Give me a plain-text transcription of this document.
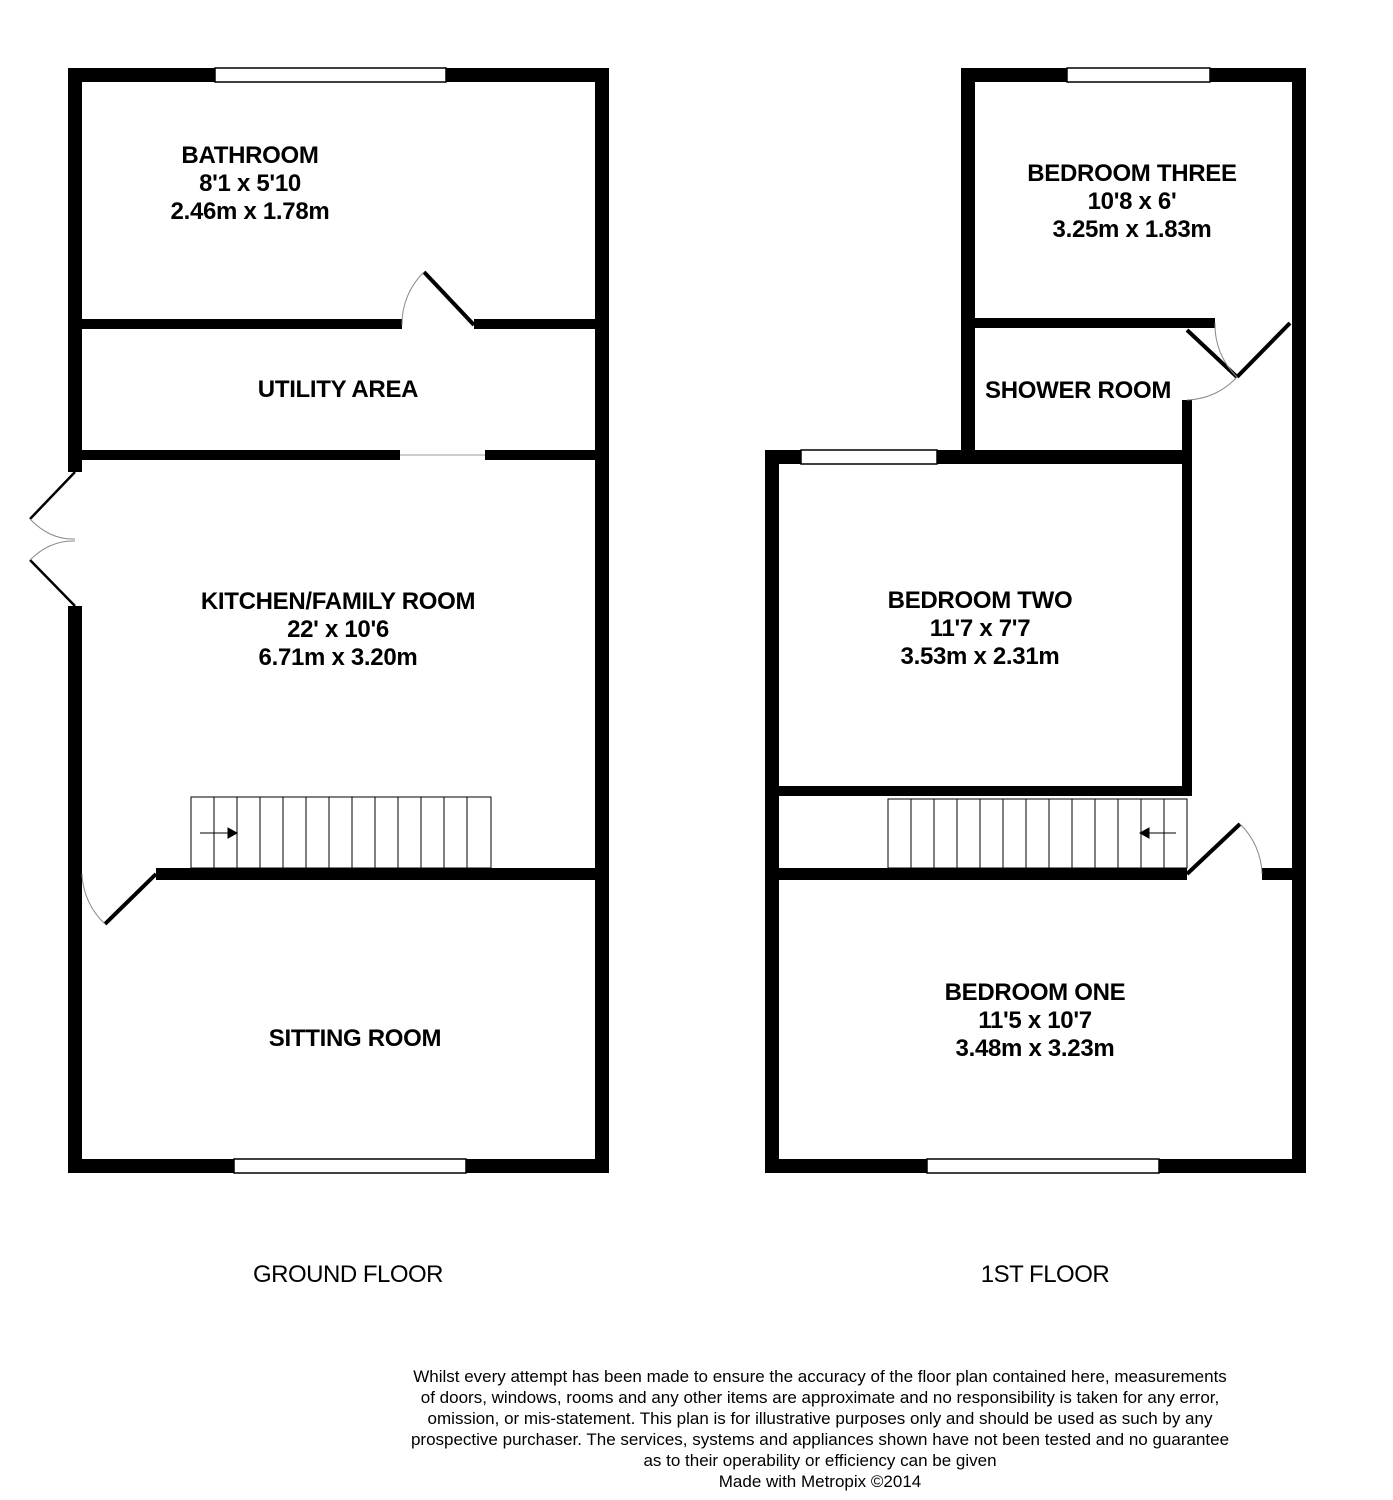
BATHROOM
8'1 x 5'10
2.46m x 1.78m
UTILITY AREA
KITCHEN/FAMILY ROOM
22' x 10'6
6.71m x 3.20m
SITTING ROOM
BEDROOM THREE
10'8 x 6'
3.25m x 1.83m
SHOWER ROOM
BEDROOM TWO
11'7 x 7'7
3.53m x 2.31m
BEDROOM ONE
11'5 x 10'7
3.48m x 3.23m
GROUND FLOOR	1ST FLOOR
Whilst every attempt has been made to ensure the accuracy of the floor plan contained here, measurements
of doors, windows, rooms and any other items are approximate and no responsibility is taken for any error,
omission, or mis-statement. This plan is for illustrative purposes only and should be used as such by any
prospective purchaser. The services, systems and appliances shown have not been tested and no guarantee
as to their operability or efficiency can be given
Made with Metropix ©2014
